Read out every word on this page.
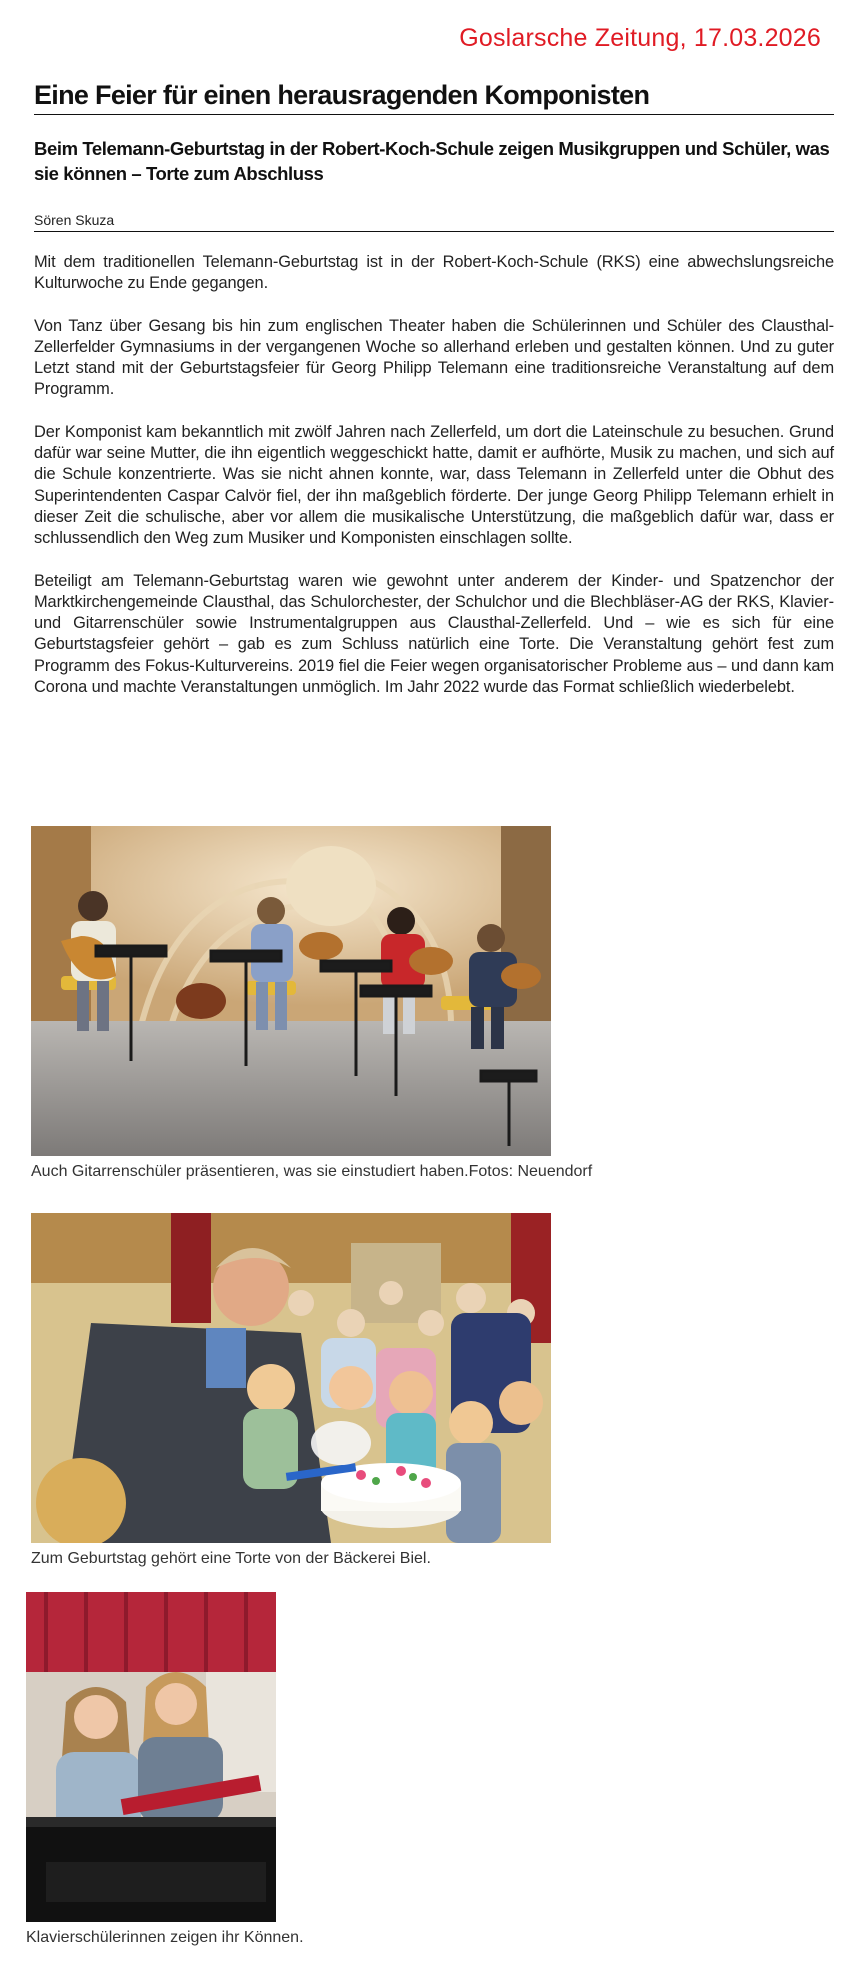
Goslarsche Zeitung, 17.03.2026
Eine Feier für einen herausragenden Komponisten
Beim Telemann-Geburtstag in der Robert-Koch-Schule zeigen Musikgruppen und Schüler, was sie können – Torte zum Abschluss
Sören Skuza

Mit dem traditionellen Telemann-Geburtstag ist in der Robert-Koch-Schule (RKS) eine abwechslungsreiche Kulturwoche zu Ende gegangen.

Von Tanz über Gesang bis hin zum englischen Theater haben die Schülerinnen und Schüler des Clausthal-Zellerfelder Gymnasiums in der vergangenen Woche so allerhand erleben und gestalten können. Und zu guter Letzt stand mit der Geburtstagsfeier für Georg Philipp Telemann eine traditionsreiche Veranstaltung auf dem Programm.

Der Komponist kam bekanntlich mit zwölf Jahren nach Zellerfeld, um dort die Lateinschule zu besuchen. Grund dafür war seine Mutter, die ihn eigentlich weggeschickt hatte, damit er aufhörte, Musik zu machen, und sich auf die Schule konzentrierte. Was sie nicht ahnen konnte, war, dass Telemann in Zellerfeld unter die Obhut des Superintendenten Caspar Calvör fiel, der ihn maßgeblich förderte. Der junge Georg Philipp Telemann erhielt in dieser Zeit die schulische, aber vor allem die musikalische Unterstützung, die maßgeblich dafür war, dass er schlussendlich den Weg zum Musiker und Komponisten einschlagen sollte.

Beteiligt am Telemann-Geburtstag waren wie gewohnt unter anderem der Kinder- und Spatzenchor der Marktkirchengemeinde Clausthal, das Schulorchester, der Schulchor und die Blechbläser-AG der RKS, Klavier- und Gitarrenschüler sowie Instrumentalgruppen aus Clausthal-Zellerfeld. Und – wie es sich für eine Geburtstagsfeier gehört – gab es zum Schluss natürlich eine Torte. Die Veranstaltung gehört fest zum Programm des Fokus-Kulturvereins. 2019 fiel die Feier wegen organisatorischer Probleme aus – und dann kam Corona und machte Veranstaltungen unmöglich. Im Jahr 2022 wurde das Format schließlich wiederbelebt.

Auch Gitarrenschüler präsentieren, was sie einstudiert haben.Fotos: Neuendorf
Zum Geburtstag gehört eine Torte von der Bäckerei Biel.
Klavierschülerinnen zeigen ihr Können.
